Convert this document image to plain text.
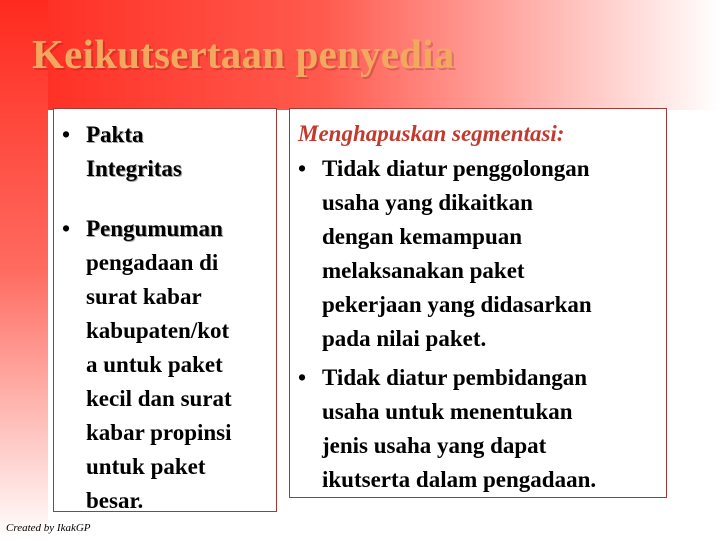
Keikutsertaan penyedia
• Pakta
Integritas
• Pengumuman
pengadaan di
surat kabar
kabupaten/kot
a untuk paket
kecil dan surat
kabar propinsi
untuk paket
besar.
Menghapuskan segmentasi:
• Tidak diatur penggolongan
usaha yang dikaitkan
dengan kemampuan
melaksanakan paket
pekerjaan yang didasarkan
pada nilai paket.
• Tidak diatur pembidangan
usaha untuk menentukan
jenis usaha yang dapat
ikutserta dalam pengadaan.
Created by IkakGP
